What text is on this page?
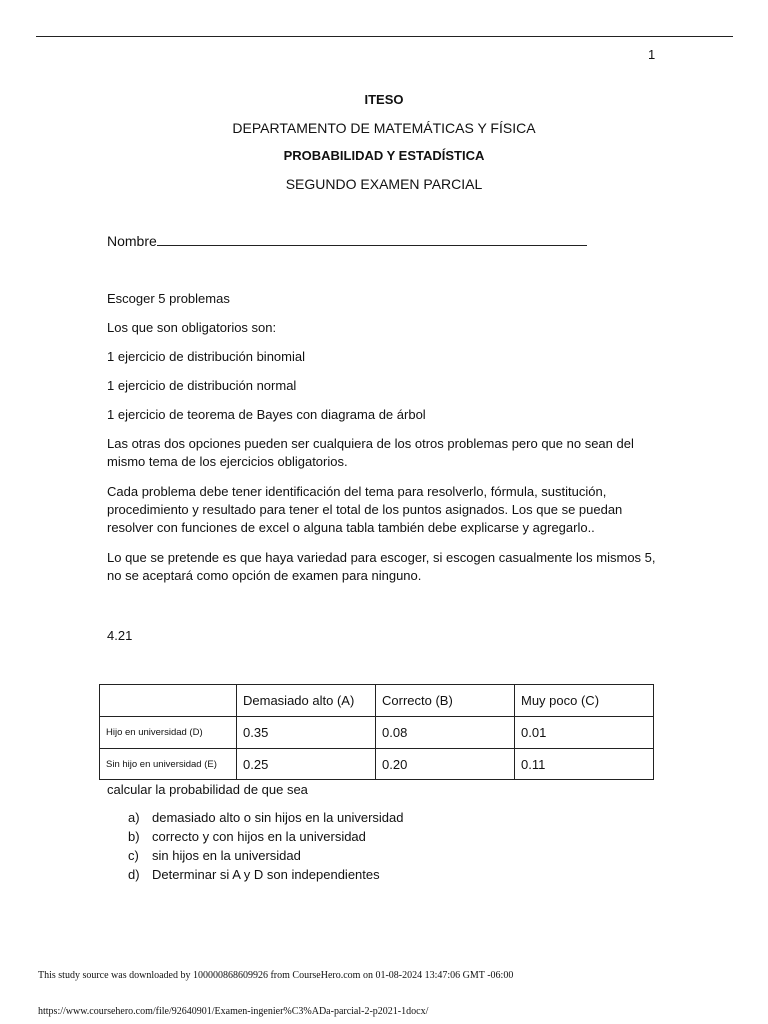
1
ITESO
DEPARTAMENTO DE MATEMÁTICAS Y FÍSICA
PROBABILIDAD Y ESTADÍSTICA
SEGUNDO EXAMEN PARCIAL
Nombre
Escoger 5 problemas
Los que son obligatorios son:
1 ejercicio de distribución binomial
1 ejercicio de distribución normal
1 ejercicio de teorema de Bayes con diagrama de árbol
Las otras dos opciones pueden ser cualquiera de los otros problemas pero que no sean del mismo tema de los ejercicios obligatorios.
Cada problema debe tener identificación del tema para resolverlo, fórmula, sustitución, procedimiento y resultado para tener el total de los puntos asignados. Los que se puedan resolver con funciones de excel o alguna tabla también debe explicarse y agregarlo..
Lo que se pretende es que haya variedad para escoger, si escogen casualmente los mismos 5, no se aceptará como opción de examen para ninguno.
4.21
	Demasiado alto (A)	Correcto (B)	Muy poco (C)
Hijo en universidad (D)	0.35	0.08	0.01
Sin hijo en universidad (E)	0.25	0.20	0.11
calcular la probabilidad de que sea
a) demasiado alto o sin hijos en la universidad
b) correcto y con hijos en la universidad
c) sin hijos en la universidad
d) Determinar si A y D son independientes
This study source was downloaded by 100000868609926 from CourseHero.com on 01-08-2024 13:47:06 GMT -06:00
https://www.coursehero.com/file/92640901/Examen-ingenier%C3%ADa-parcial-2-p2021-1docx/
